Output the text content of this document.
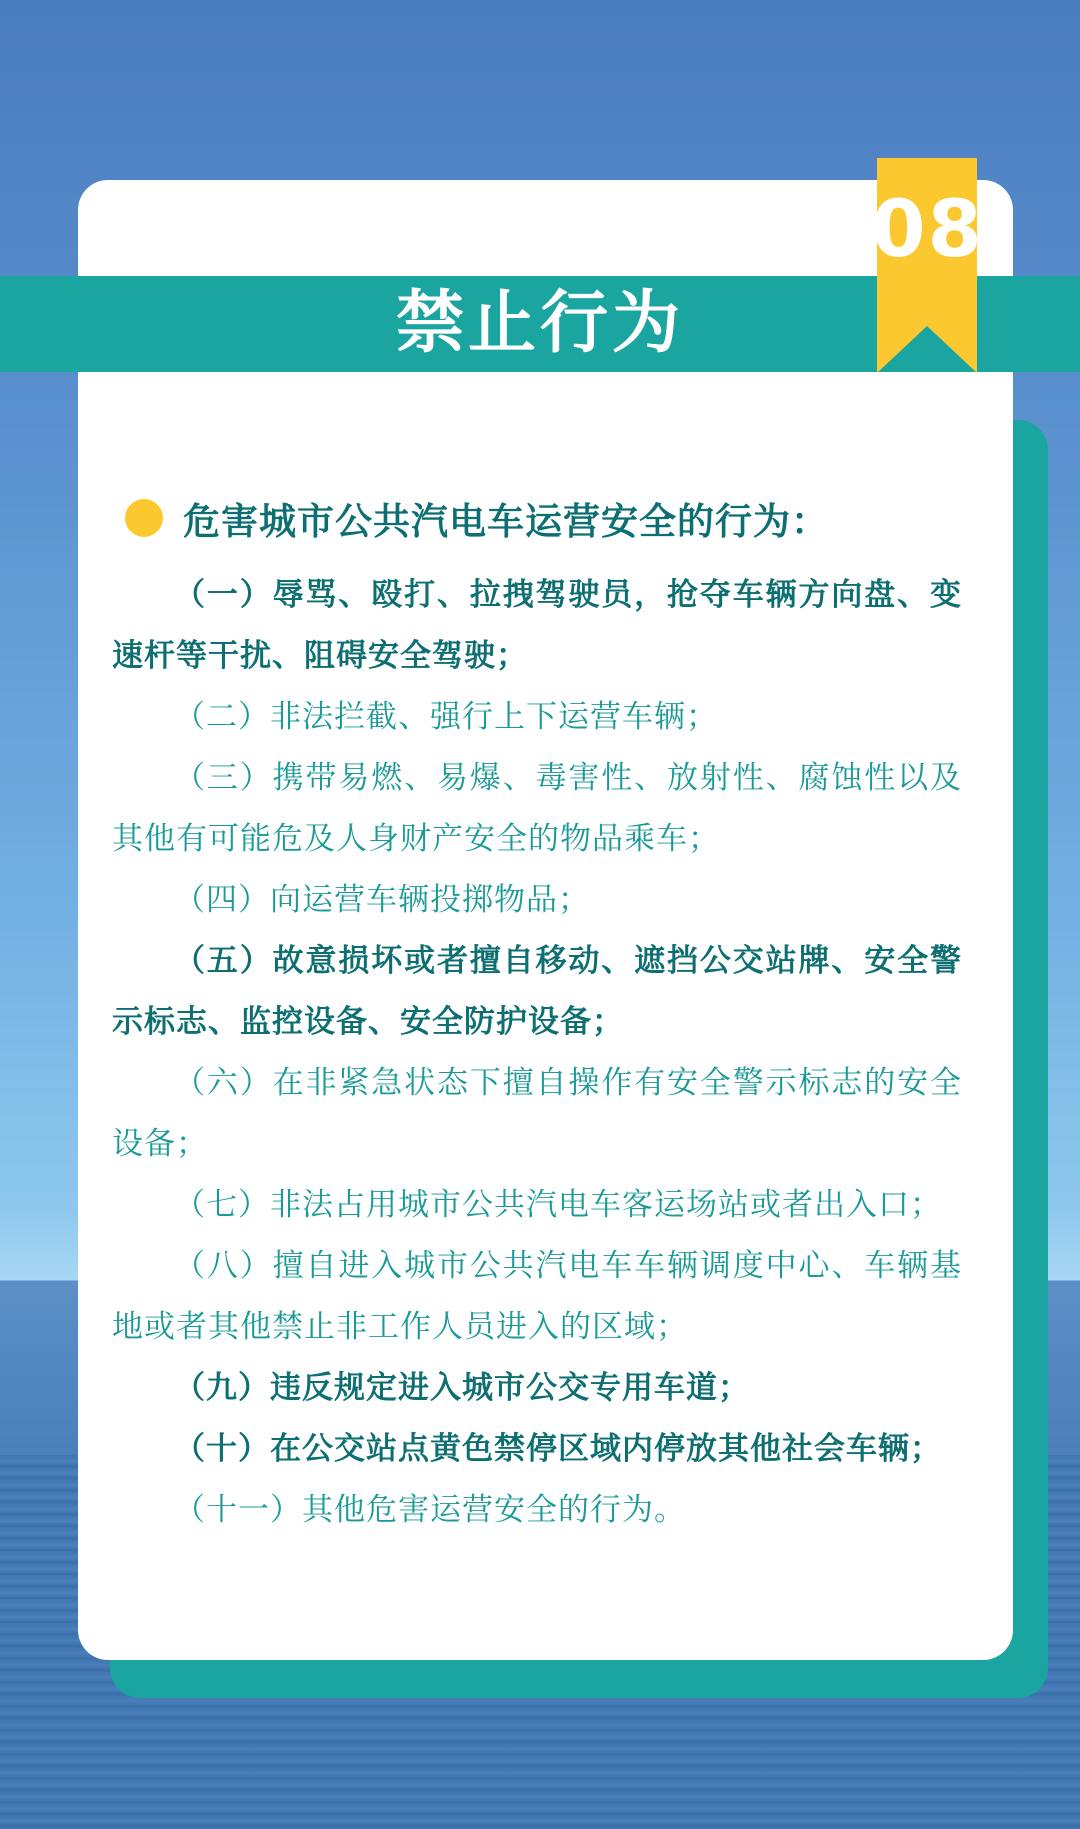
禁止行为
08
危害城市公共汽电车运营安全的行为：

（一）辱骂、殴打、拉拽驾驶员，抢夺车辆方向盘、变速杆等干扰、阻碍安全驾驶；

（二）非法拦截、强行上下运营车辆；

（三）携带易燃、易爆、毒害性、放射性、腐蚀性以及其他有可能危及人身财产安全的物品乘车；

（四）向运营车辆投掷物品；

（五）故意损坏或者擅自移动、遮挡公交站牌、安全警示标志、监控设备、安全防护设备；

（六）在非紧急状态下擅自操作有安全警示标志的安全设备；

（七）非法占用城市公共汽电车客运场站或者出入口；

（八）擅自进入城市公共汽电车车辆调度中心、车辆基地或者其他禁止非工作人员进入的区域；

（九）违反规定进入城市公交专用车道；

（十）在公交站点黄色禁停区域内停放其他社会车辆；

（十一）其他危害运营安全的行为。
